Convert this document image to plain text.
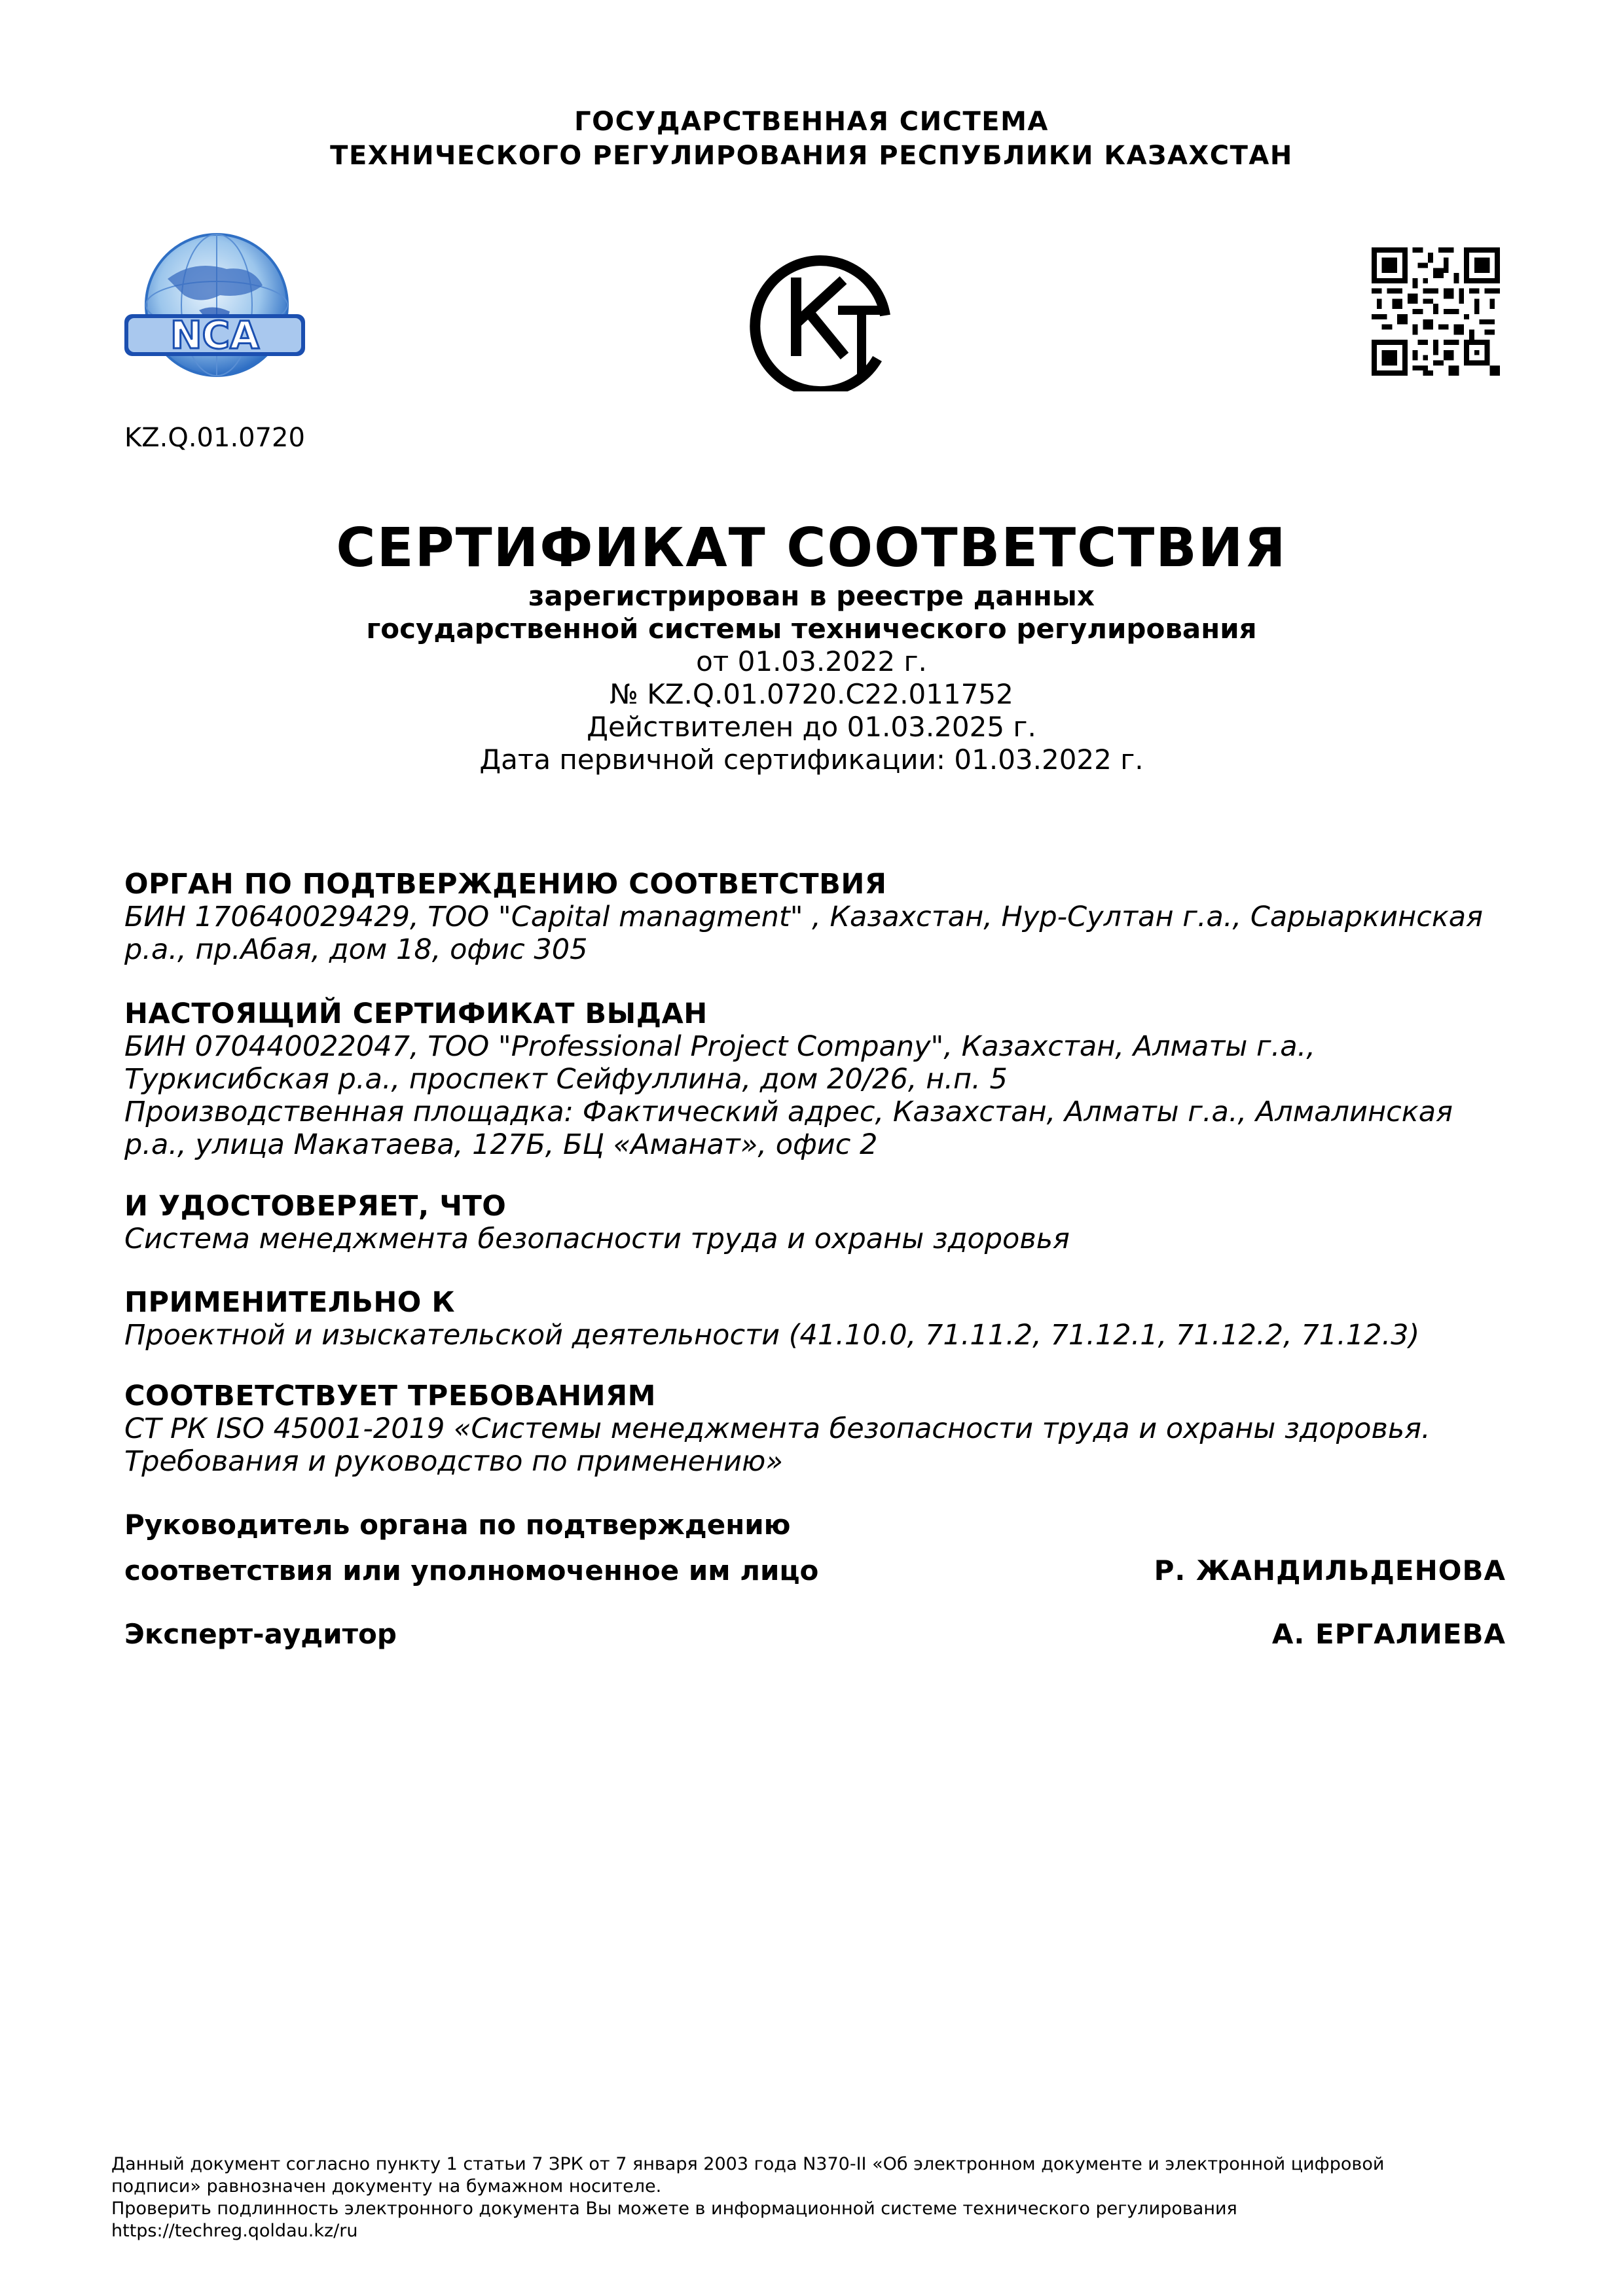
ГОСУДАРСТВЕННАЯ СИСТЕМА
ТЕХНИЧЕСКОГО РЕГУЛИРОВАНИЯ РЕСПУБЛИКИ КАЗАХСТАН
NCA
KZ.Q.01.0720
СЕРТИФИКАТ СООТВЕТСТВИЯ
зарегистрирован в реестре данных
государственной системы технического регулирования
от 01.03.2022 г.
№ KZ.Q.01.0720.C22.011752
Действителен до 01.03.2025 г.
Дата первичной сертификации: 01.03.2022 г.
ОРГАН ПО ПОДТВЕРЖДЕНИЮ СООТВЕТСТВИЯ
БИН 170640029429, ТОО "Capital managment" , Казахстан, Нур-Султан г.а., Сарыаркинская
р.а., пр.Абая, дом 18, офис 305
НАСТОЯЩИЙ СЕРТИФИКАТ ВЫДАН
БИН 070440022047, ТОО "Professional Project Company", Казахстан, Алматы г.а.,
Туркисибская р.а., проспект Сейфуллина, дом 20/26, н.п. 5
Производственная площадка: Фактический адрес, Казахстан, Алматы г.а., Алмалинская
р.а., улица Макатаева, 127Б, БЦ «Аманат», офис 2
И УДОСТОВЕРЯЕТ, ЧТО
Система менеджмента безопасности труда и охраны здоровья
ПРИМЕНИТЕЛЬНО К
Проектной и изыскательской деятельности (41.10.0, 71.11.2, 71.12.1, 71.12.2, 71.12.3)
СООТВЕТСТВУЕТ ТРЕБОВАНИЯМ
СТ РК ISO 45001-2019 «Системы менеджмента безопасности труда и охраны здоровья.
Требования и руководство по применению»
Руководитель органа по подтверждению
соответствия или уполномоченное им лицо	Р. ЖАНДИЛЬДЕНОВА
Эксперт-аудитор	А. ЕРГАЛИЕВА
Данный документ согласно пункту 1 статьи 7 ЗРК от 7 января 2003 года N370-II «Об электронном документе и электронной цифровой
подписи» равнозначен документу на бумажном носителе.
Проверить подлинность электронного документа Вы можете в информационной системе технического регулирования
https://techreg.qoldau.kz/ru
